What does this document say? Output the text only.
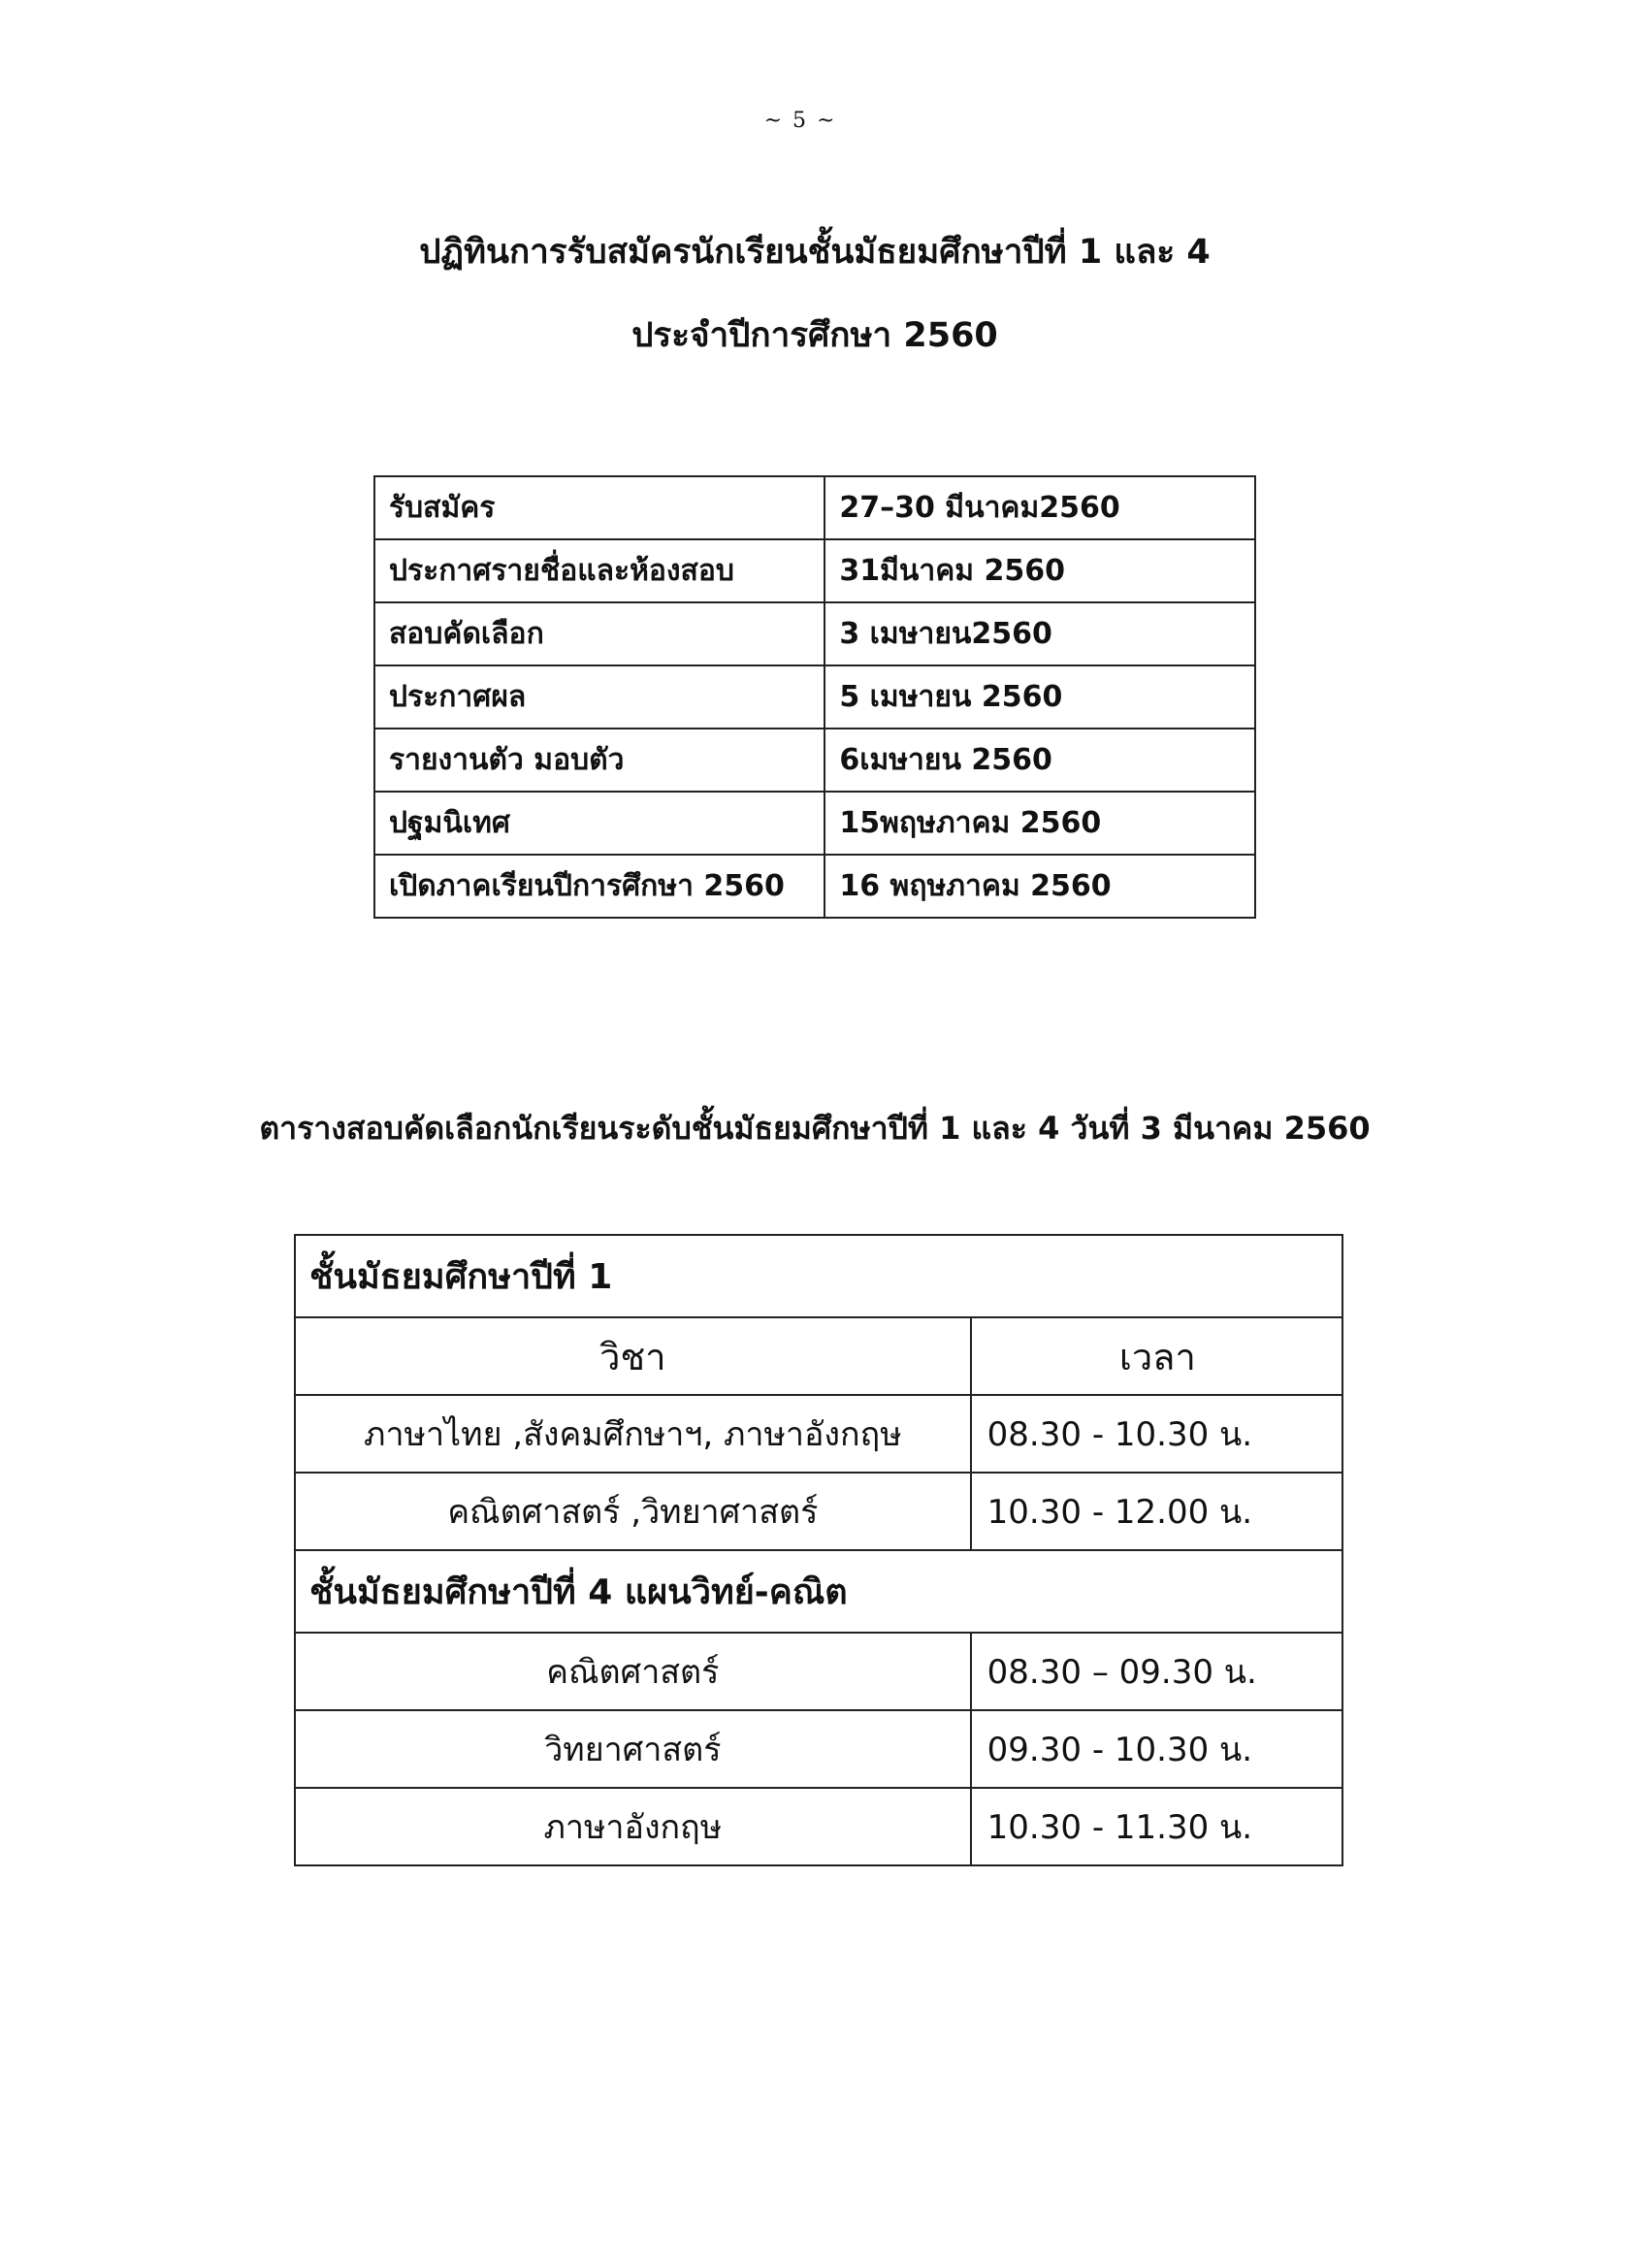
~ 5 ~
ปฏิทินการรับสมัครนักเรียนชั้นมัธยมศึกษาปีที่ 1 และ 4
ประจำปีการศึกษา 2560
รับสมัคร	27–30 มีนาคม2560
ประกาศรายชื่อและห้องสอบ	31มีนาคม 2560
สอบคัดเลือก	3 เมษายน2560
ประกาศผล	5 เมษายน 2560
รายงานตัว มอบตัว	6เมษายน 2560
ปฐมนิเทศ	15พฤษภาคม 2560
เปิดภาคเรียนปีการศึกษา 2560	16 พฤษภาคม 2560
ตารางสอบคัดเลือกนักเรียนระดับชั้นมัธยมศึกษาปีที่ 1 และ 4 วันที่ 3 มีนาคม 2560
ชั้นมัธยมศึกษาปีที่ 1	
วิชา	เวลา
ภาษาไทย ,สังคมศึกษาฯ, ภาษาอังกฤษ	08.30 - 10.30 น.
คณิตศาสตร์ ,วิทยาศาสตร์	10.30 - 12.00 น.
ชั้นมัธยมศึกษาปีที่ 4 แผนวิทย์-คณิต	
คณิตศาสตร์	08.30 – 09.30 น.
วิทยาศาสตร์	09.30 - 10.30 น.
ภาษาอังกฤษ	10.30 - 11.30 น.
